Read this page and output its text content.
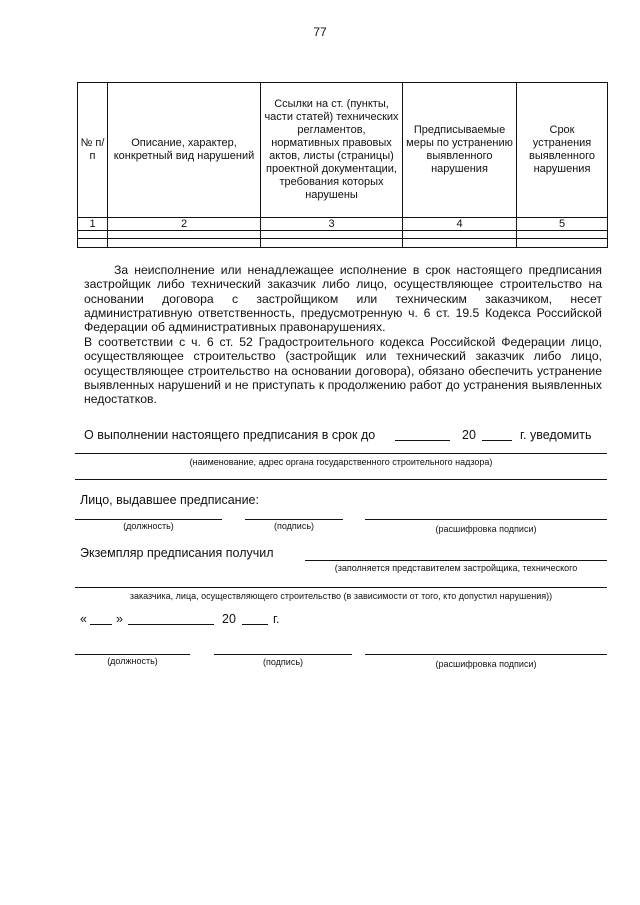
77
№ п/п	Описание, характер, конкретный вид нарушений	Ссылки на ст. (пункты, части статей) технических регламентов, нормативных правовых актов, листы (страницы) проектной документации, требования которых нарушены	Предписываемые меры по устранению выявленного нарушения	Срок устранения выявленного нарушения
1	2	3	4	5

За неисполнение или ненадлежащее исполнение в срок настоящего предписания застройщик либо технический заказчик либо лицо, осуществляющее строительство на основании договора с застройщиком или техническим заказчиком, несет административную ответственность, предусмотренную ч. 6 ст. 19.5 Кодекса Российской Федерации об административных правонарушениях.
В соответствии с ч. 6 ст. 52 Градостроительного кодекса Российской Федерации лицо, осуществляющее строительство (застройщик или технический заказчик либо лицо, осуществляющее строительство на основании договора), обязано обеспечить устранение выявленных нарушений и не приступать к продолжению работ до устранения выявленных недостатков.
О выполнении настоящего предписания в срок до	20	г. уведомить
(наименование, адрес органа государственного строительного надзора)
Лицо, выдавшее предписание:
(должность)	(подпись)	(расшифровка подписи)
Экземпляр предписания получил
(заполняется представителем застройщика, технического
заказчика, лица, осуществляющего строительство (в зависимости от того, кто допустил нарушения))
« »	20	г.
(должность)	(подпись)	(расшифровка подписи)
